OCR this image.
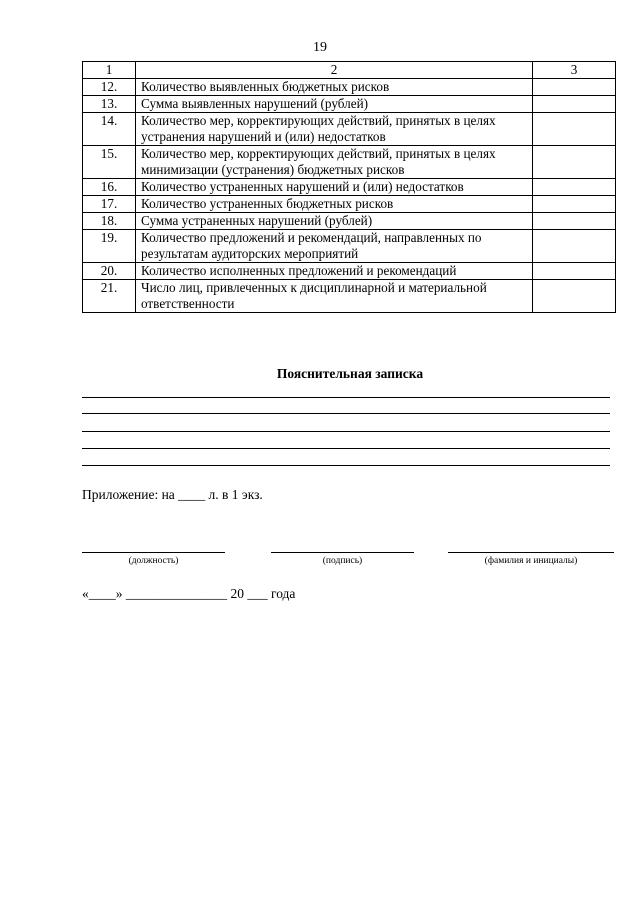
19
1	2	3
12.	Количество выявленных бюджетных рисков	
13.	Сумма выявленных нарушений (рублей)	
14.	Количество мер, корректирующих действий, принятых в целях устранения нарушений и (или) недостатков	
15.	Количество мер, корректирующих действий, принятых в целях минимизации (устранения) бюджетных рисков	
16.	Количество устраненных нарушений и (или) недостатков	
17.	Количество устраненных бюджетных рисков	
18.	Сумма устраненных нарушений (рублей)	
19.	Количество предложений и рекомендаций, направленных по результатам аудиторских мероприятий	
20.	Количество исполненных предложений и рекомендаций	
21.	Число лиц, привлеченных к дисциплинарной и материальной ответственности	
Пояснительная записка
Приложение: на ____ л. в 1 экз.
(должность)	(подпись)	(фамилия и инициалы)
«____» _______________ 20 ___ года
